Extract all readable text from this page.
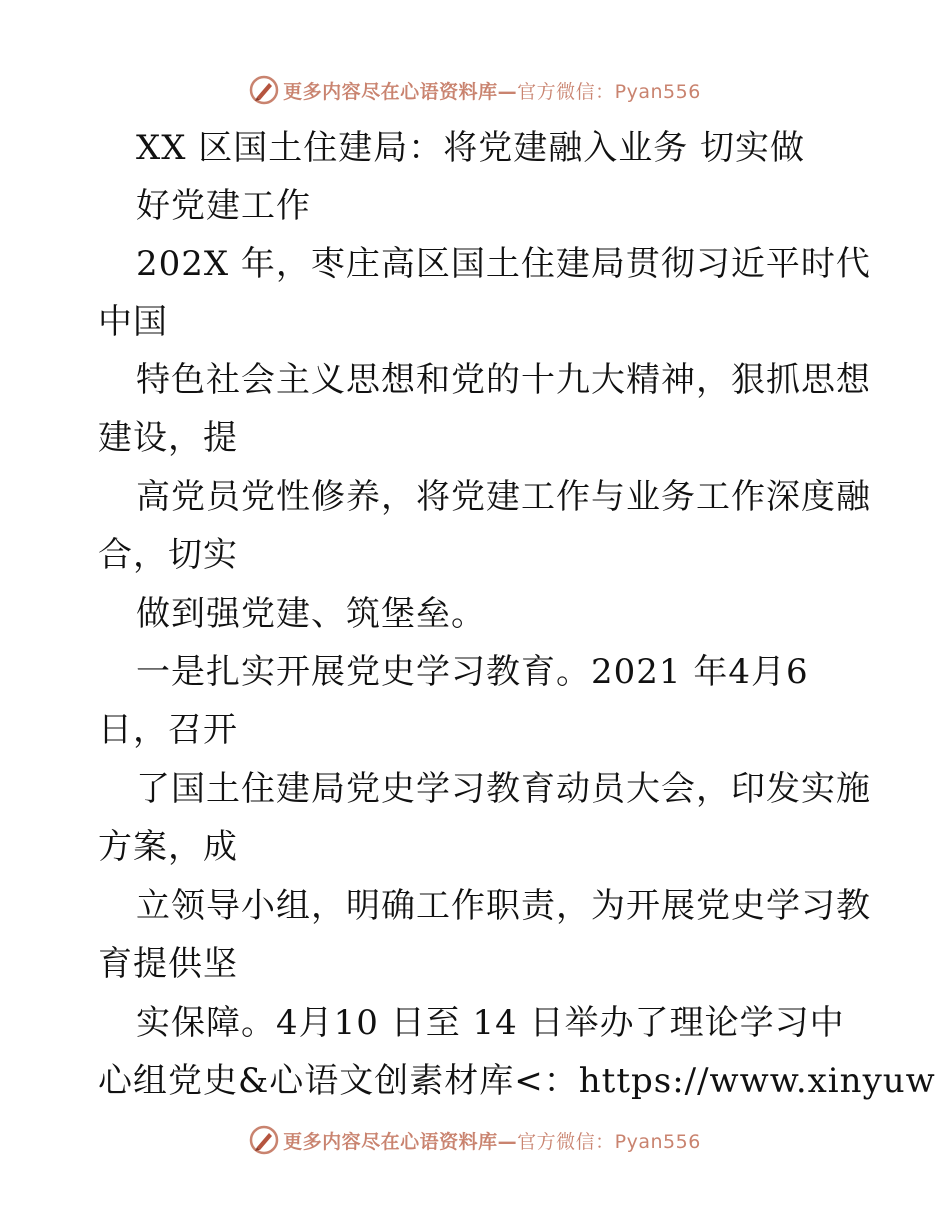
更多内容尽在心语资料库—官方微信：Pyan556
XX 区国土住建局：将党建融入业务 切实做
好党建工作
202X 年，枣庄高区国土住建局贯彻习近平时代
中国
特色社会主义思想和党的十九大精神，狠抓思想
建设，提
高党员党性修养，将党建工作与业务工作深度融
合，切实
做到强党建、筑堡垒。
一是扎实开展党史学习教育。2021 年4月6
日，召开
了国土住建局党史学习教育动员大会，印发实施
方案，成
立领导小组，明确工作职责，为开展党史学习教
育提供坚
实保障。4月10 日至 14 日举办了理论学习中
心组党史&心语文创素材库<：https://www.xinyuw
更多内容尽在心语资料库—官方微信：Pyan556
